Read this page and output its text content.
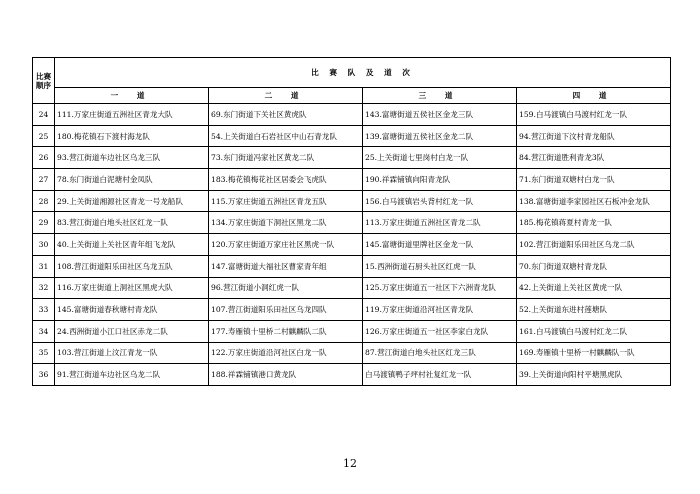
比赛顺序	比 赛 队 及 道 次			
	一 道	二 道	三 道	四 道
24	111.万家庄街道五洲社区青龙大队	69.东门街道下关社区黄虎队	143.富塘街道五侯社区金龙三队	159.白马渡镇白马渡村红龙一队
25	180.梅花镇石下渡村海龙队	54.上关街道白石岩社区中山石青龙队	139.富塘街道五侯社区金龙二队	94.营江街道下汶村青龙船队
26	93.营江街道车边社区乌龙三队	73.东门街道冯家社区黄龙二队	25.上关街道七里岗村白龙一队	84.营江街道胜利青龙3队
27	78.东门街道白泥塘村金凤队	183.梅花镇梅花社区居委会飞虎队	190.祥霖铺镇向阳青龙队	71.东门街道双塘村白龙一队
28	29.上关街道湘源社区青龙一号龙船队	115.万家庄街道五洲社区青龙五队	156.白马渡镇岩头背村红龙一队	138.富塘街道李家园社区石板冲金龙队
29	83.营江街道白地头社区红龙一队	134.万家庄街道下洞社区黑龙二队	113.万家庄街道五洲社区青龙二队	185.梅花镇蒋夏村青龙一队
30	40.上关街道上关社区青年组飞龙队	120.万家庄街道万家庄社区黑虎一队	145.富塘街道里牌社区金龙一队	102.营江街道阳乐田社区乌龙二队
31	108.营江街道阳乐田社区乌龙五队	147.富塘街道大福社区曹家青年组	15.西洲街道石厨头社区红虎一队	70.东门街道双塘村青龙队
32	116.万家庄街道上洞社区黑虎大队	96.营江街道小洞红虎一队	125.万家庄街道五一社区下六洲青龙队	42.上关街道上关社区黄虎一队
33	145.富塘街道春秋塘村青龙队	107.营江街道阳乐田社区乌龙四队	119.万家庄街道沿河社区青龙队	52.上关街道东进村莲塘队
34	24.西洲街道小江口社区赤龙二队	177.寿雁镇十里桥二村麒麟队二队	126.万家庄街道五一社区李家白龙队	161.白马渡镇白马渡村红龙二队
35	103.营江街道上汶江青龙一队	122.万家庄街道沿河社区白龙一队	87.营江街道白地头社区红龙三队	169.寿雁镇十里桥一村麒麟队一队
36	91.营江街道车边社区乌龙二队	188.祥霖铺镇港口黄龙队	白马渡镇鸭子坪村社复红龙一队	39.上关街道向阳村平塘黑虎队
12
